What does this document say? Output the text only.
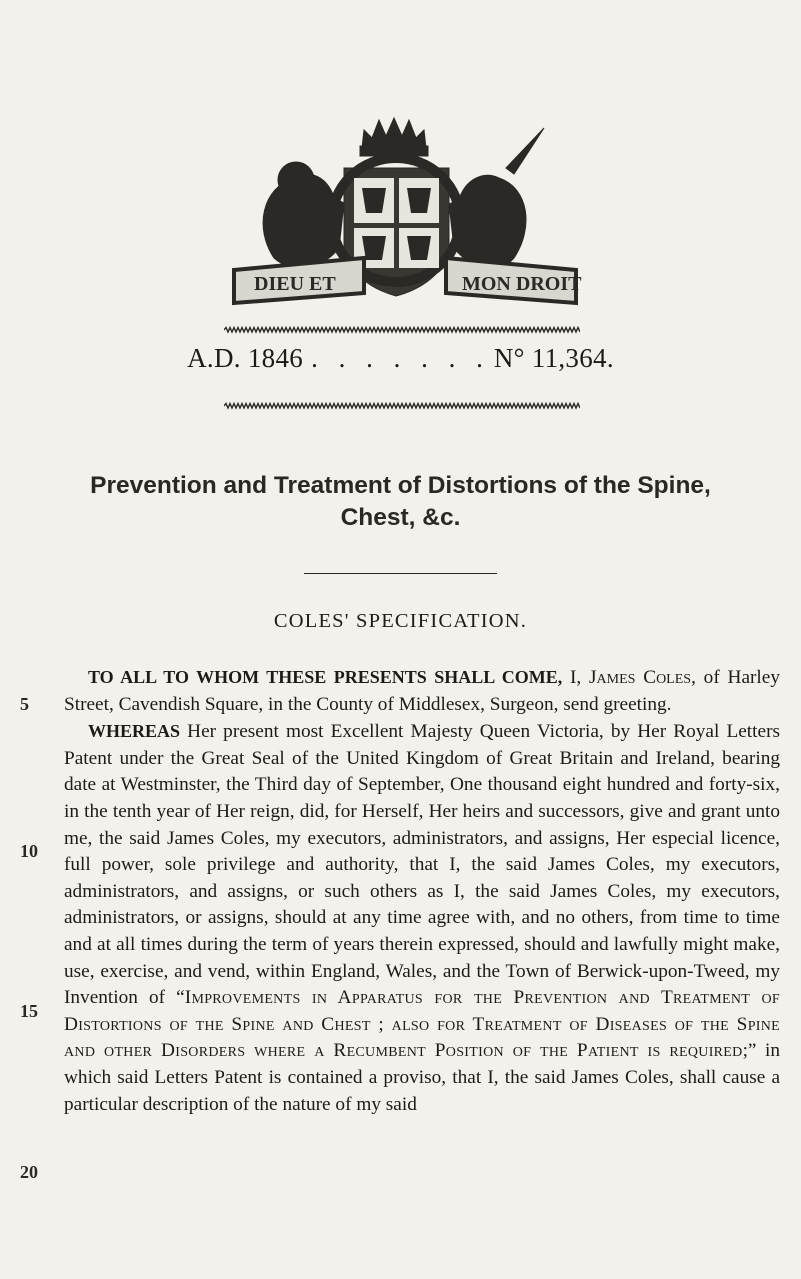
DIEU ET	MON DROIT
A.D. 1846 . . . . . . . N° 11,364.
Prevention and Treatment of Distortions of the Spine,
Chest, &c.
COLES' SPECIFICATION.
5
10
15
20

TO ALL TO WHOM THESE PRESENTS SHALL COME, I, James Coles, of Harley Street, Cavendish Square, in the County of Middlesex, Surgeon, send greeting.

WHEREAS Her present most Excellent Majesty Queen Victoria, by Her Royal Letters Patent under the Great Seal of the United Kingdom of Great Britain and Ireland, bearing date at Westminster, the Third day of September, One thousand eight hundred and forty-six, in the tenth year of Her reign, did, for Herself, Her heirs and successors, give and grant unto me, the said James Coles, my executors, administrators, and assigns, Her especial licence, full power, sole privilege and authority, that I, the said James Coles, my executors, administrators, and assigns, or such others as I, the said James Coles, my executors, administrators, or assigns, should at any time agree with, and no others, from time to time and at all times during the term of years therein expressed, should and lawfully might make, use, exercise, and vend, within England, Wales, and the Town of Berwick-upon-Tweed, my Invention of “Improvements in Apparatus for the Prevention and Treatment of Distortions of the Spine and Chest ; also for Treatment of Diseases of the Spine and other Disorders where a Recumbent Position of the Patient is required;” in which said Letters Patent is contained a proviso, that I, the said James Coles, shall cause a particular description of the nature of my said
